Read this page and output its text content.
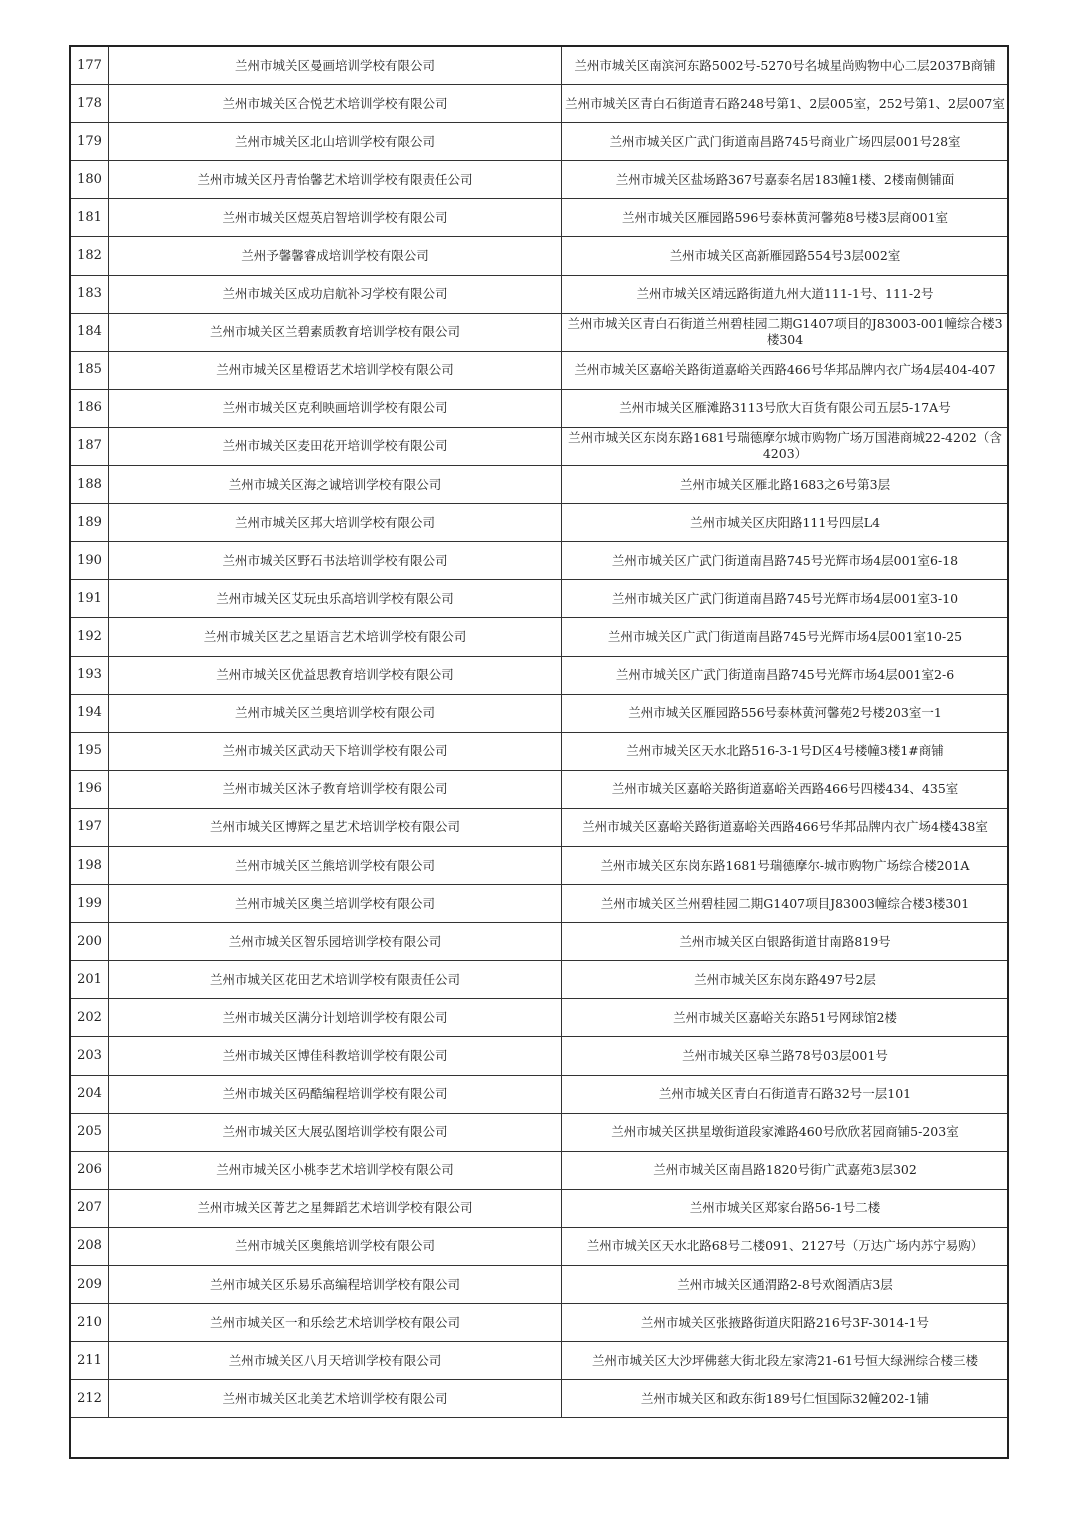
177	兰州市城关区曼画培训学校有限公司	兰州市城关区南滨河东路5002号-5270号名城星尚购物中心二层2037B商铺
178	兰州市城关区合悦艺术培训学校有限公司	兰州市城关区青白石街道青石路248号第1、2层005室，252号第1、2层007室
179	兰州市城关区北山培训学校有限公司	兰州市城关区广武门街道南昌路745号商业广场四层001号28室
180	兰州市城关区丹青怡馨艺术培训学校有限责任公司	兰州市城关区盐场路367号嘉泰名居183幢1楼、2楼南侧铺面
181	兰州市城关区煜英启智培训学校有限公司	兰州市城关区雁园路596号泰林黄河馨苑8号楼3层商001室
182	兰州予馨馨睿成培训学校有限公司	兰州市城关区高新雁园路554号3层002室
183	兰州市城关区成功启航补习学校有限公司	兰州市城关区靖远路街道九州大道111-1号、111-2号
184	兰州市城关区兰碧素质教育培训学校有限公司	兰州市城关区青白石街道兰州碧桂园二期G1407项目的J83003-001幢综合楼3楼304
185	兰州市城关区星橙语艺术培训学校有限公司	兰州市城关区嘉峪关路街道嘉峪关西路466号华邦品牌内衣广场4层404-407
186	兰州市城关区克利映画培训学校有限公司	兰州市城关区雁滩路3113号欣大百货有限公司五层5-17A号
187	兰州市城关区麦田花开培训学校有限公司	兰州市城关区东岗东路1681号瑞德摩尔城市购物广场万国港商城22-4202（含4203）
188	兰州市城关区海之诚培训学校有限公司	兰州市城关区雁北路1683之6号第3层
189	兰州市城关区邦大培训学校有限公司	兰州市城关区庆阳路111号四层L4
190	兰州市城关区野石书法培训学校有限公司	兰州市城关区广武门街道南昌路745号光辉市场4层001室6-18
191	兰州市城关区艾玩虫乐高培训学校有限公司	兰州市城关区广武门街道南昌路745号光辉市场4层001室3-10
192	兰州市城关区艺之星语言艺术培训学校有限公司	兰州市城关区广武门街道南昌路745号光辉市场4层001室10-25
193	兰州市城关区优益思教育培训学校有限公司	兰州市城关区广武门街道南昌路745号光辉市场4层001室2-6
194	兰州市城关区兰奥培训学校有限公司	兰州市城关区雁园路556号泰林黄河馨苑2号楼203室一1
195	兰州市城关区武动天下培训学校有限公司	兰州市城关区天水北路516-3-1号D区4号楼幢3楼1#商铺
196	兰州市城关区沐子教育培训学校有限公司	兰州市城关区嘉峪关路街道嘉峪关西路466号四楼434、435室
197	兰州市城关区博辉之星艺术培训学校有限公司	兰州市城关区嘉峪关路街道嘉峪关西路466号华邦品牌内衣广场4楼438室
198	兰州市城关区兰熊培训学校有限公司	兰州市城关区东岗东路1681号瑞德摩尔-城市购物广场综合楼201A
199	兰州市城关区奥兰培训学校有限公司	兰州市城关区兰州碧桂园二期G1407项目J83003幢综合楼3楼301
200	兰州市城关区智乐园培训学校有限公司	兰州市城关区白银路街道甘南路819号
201	兰州市城关区花田艺术培训学校有限责任公司	兰州市城关区东岗东路497号2层
202	兰州市城关区满分计划培训学校有限公司	兰州市城关区嘉峪关东路51号网球馆2楼
203	兰州市城关区博佳科教培训学校有限公司	兰州市城关区皋兰路78号03层001号
204	兰州市城关区码酷编程培训学校有限公司	兰州市城关区青白石街道青石路32号一层101
205	兰州市城关区大展弘图培训学校有限公司	兰州市城关区拱星墩街道段家滩路460号欣欣茗园商铺5-203室
206	兰州市城关区小桃李艺术培训学校有限公司	兰州市城关区南昌路1820号街广武嘉苑3层302
207	兰州市城关区菁艺之星舞蹈艺术培训学校有限公司	兰州市城关区郑家台路56-1号二楼
208	兰州市城关区奥熊培训学校有限公司	兰州市城关区天水北路68号二楼091、2127号（万达广场内苏宁易购）
209	兰州市城关区乐易乐高编程培训学校有限公司	兰州市城关区通渭路2-8号欢阁酒店3层
210	兰州市城关区一和乐绘艺术培训学校有限公司	兰州市城关区张掖路街道庆阳路216号3F-3014-1号
211	兰州市城关区八月天培训学校有限公司	兰州市城关区大沙坪佛慈大街北段左家湾21-61号恒大绿洲综合楼三楼
212	兰州市城关区北美艺术培训学校有限公司	兰州市城关区和政东街189号仁恒国际32幢202-1铺
